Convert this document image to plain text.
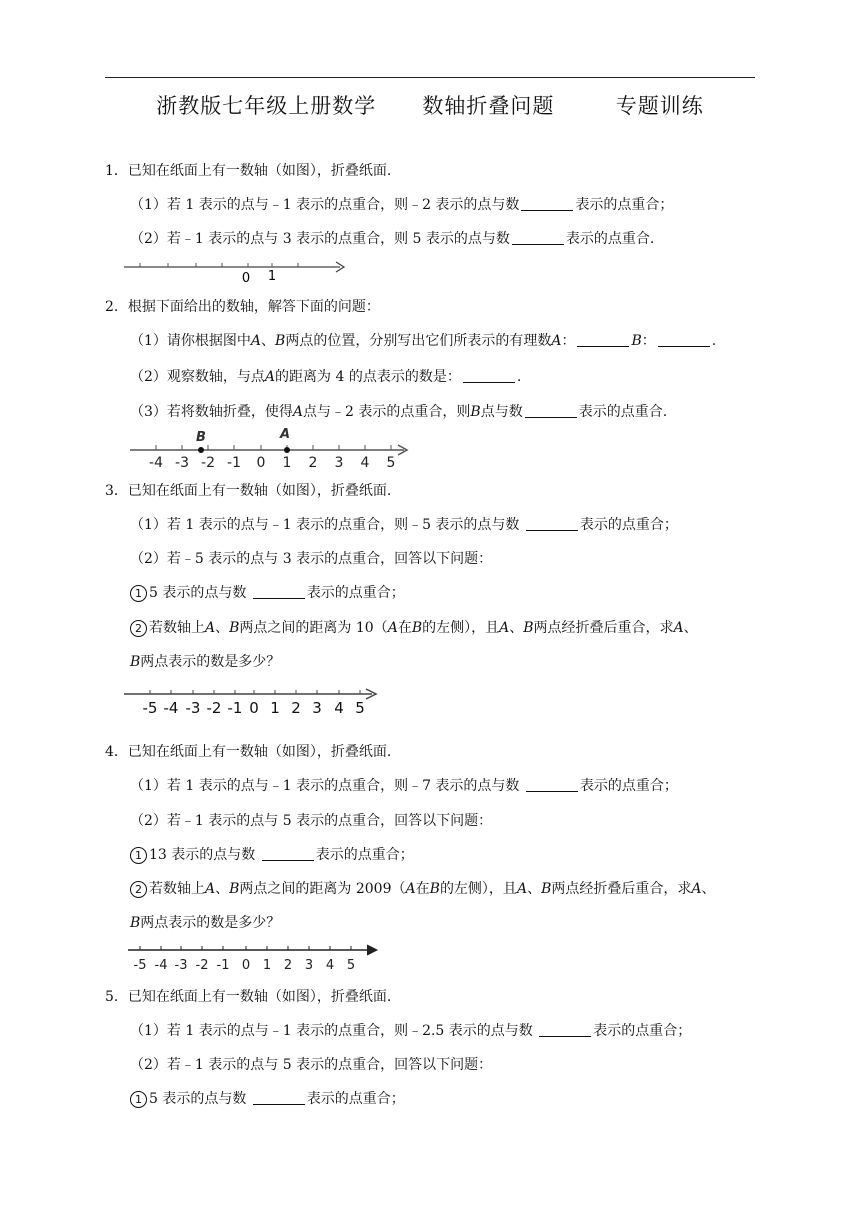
浙教版七年级上册数学      数轴折叠问题        专题训练
1．已知在纸面上有一数轴（如图），折叠纸面.
（1）若 1 表示的点与﹣1 表示的点重合，则﹣2 表示的点与数	表示的点重合；
（2）若﹣1 表示的点与 3 表示的点重合，则 5 表示的点与数	表示的点重合.
0 1
2．根据下面给出的数轴，解答下面的问题：
（1）请你根据图中A、B两点的位置，分别写出它们所表示的有理数A：	B：	.
（2）观察数轴，与点A的距离为 4 的点表示的数是：	.
（3）若将数轴折叠，使得A点与﹣2 表示的点重合，则B点与数	表示的点重合.
B	A
-4 -3 -2 -1 0 1 2 3 4 5
3．已知在纸面上有一数轴（如图），折叠纸面.
（1）若 1 表示的点与﹣1 表示的点重合，则﹣5 表示的点与数	表示的点重合；
（2）若﹣5 表示的点与 3 表示的点重合，回答以下问题：
1 5 表示的点与数	表示的点重合；
2 若数轴上A、B两点之间的距离为 10（A在B的左侧），且A、B两点经折叠后重合，求A、
B两点表示的数是多少？
-5 -4 -3 -2 -1 0 1 2 3 4 5
4．已知在纸面上有一数轴（如图），折叠纸面.
（1）若 1 表示的点与﹣1 表示的点重合，则﹣7 表示的点与数	表示的点重合；
（2）若﹣1 表示的点与 5 表示的点重合，回答以下问题：
1 13 表示的点与数	表示的点重合；
2 若数轴上A、B两点之间的距离为 2009（A在B的左侧），且A、B两点经折叠后重合，求A、
B两点表示的数是多少？
-5 -4 -3 -2 -1 0 1 2 3 4 5
5．已知在纸面上有一数轴（如图），折叠纸面.
（1）若 1 表示的点与﹣1 表示的点重合，则﹣2.5 表示的点与数	表示的点重合；
（2）若﹣1 表示的点与 5 表示的点重合，回答以下问题：
1 5 表示的点与数	表示的点重合；
